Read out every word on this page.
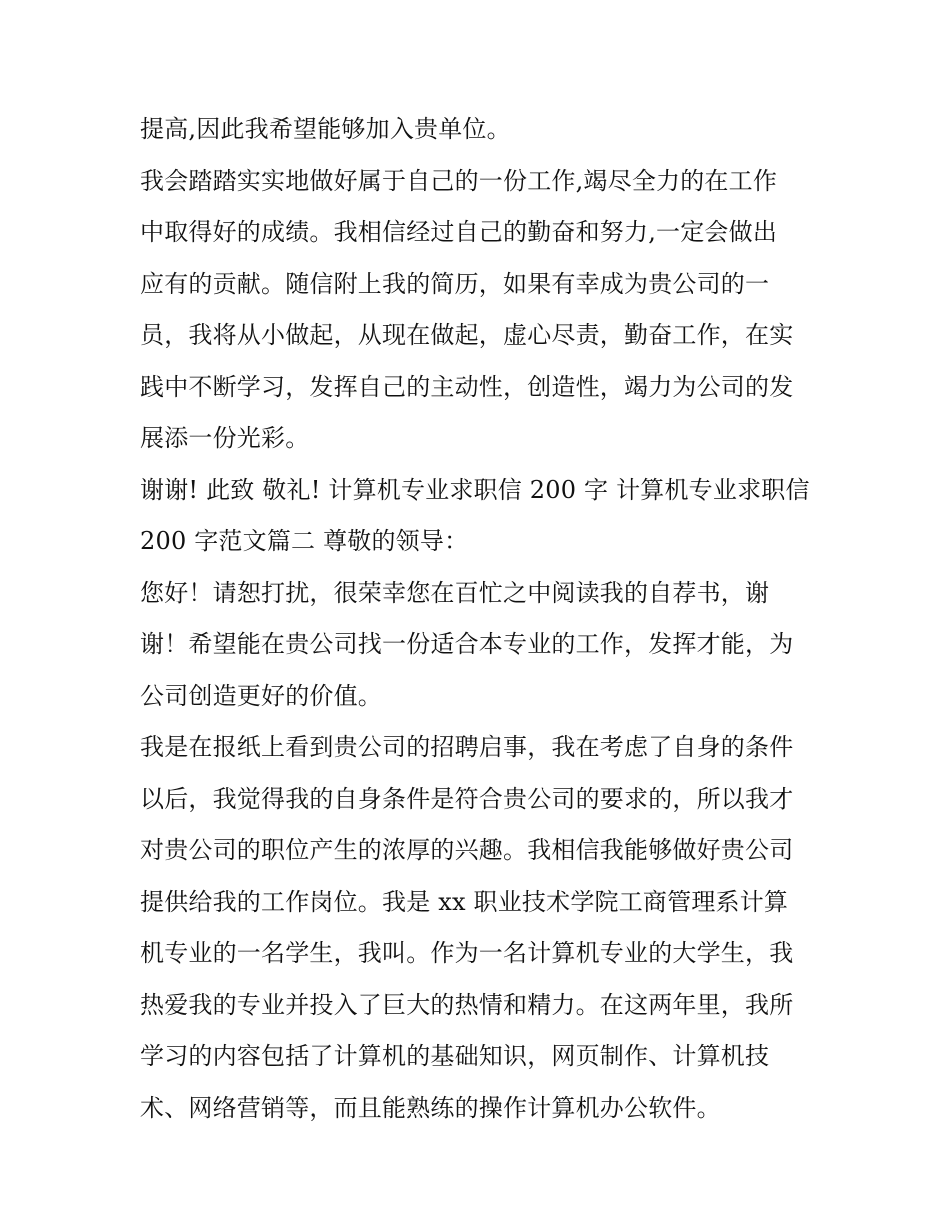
提高,因此我希望能够加入贵单位。
我会踏踏实实地做好属于自己的一份工作,竭尽全力的在工作
中取得好的成绩。我相信经过自己的勤奋和努力,一定会做出
应有的贡献。随信附上我的简历，如果有幸成为贵公司的一
员，我将从小做起，从现在做起，虚心尽责，勤奋工作，在实
践中不断学习，发挥自己的主动性，创造性，竭力为公司的发
展添一份光彩。
谢谢! 此致 敬礼! 计算机专业求职信 200 字 计算机专业求职信
200 字范文篇二 尊敬的领导：
您好！请恕打扰，很荣幸您在百忙之中阅读我的自荐书，谢
谢！希望能在贵公司找一份适合本专业的工作，发挥才能，为
公司创造更好的价值。
我是在报纸上看到贵公司的招聘启事，我在考虑了自身的条件
以后，我觉得我的自身条件是符合贵公司的要求的，所以我才
对贵公司的职位产生的浓厚的兴趣。我相信我能够做好贵公司
提供给我的工作岗位。我是 xx 职业技术学院工商管理系计算
机专业的一名学生，我叫。作为一名计算机专业的大学生，我
热爱我的专业并投入了巨大的热情和精力。在这两年里，我所
学习的内容包括了计算机的基础知识，网页制作、计算机技
术、网络营销等，而且能熟练的操作计算机办公软件。
